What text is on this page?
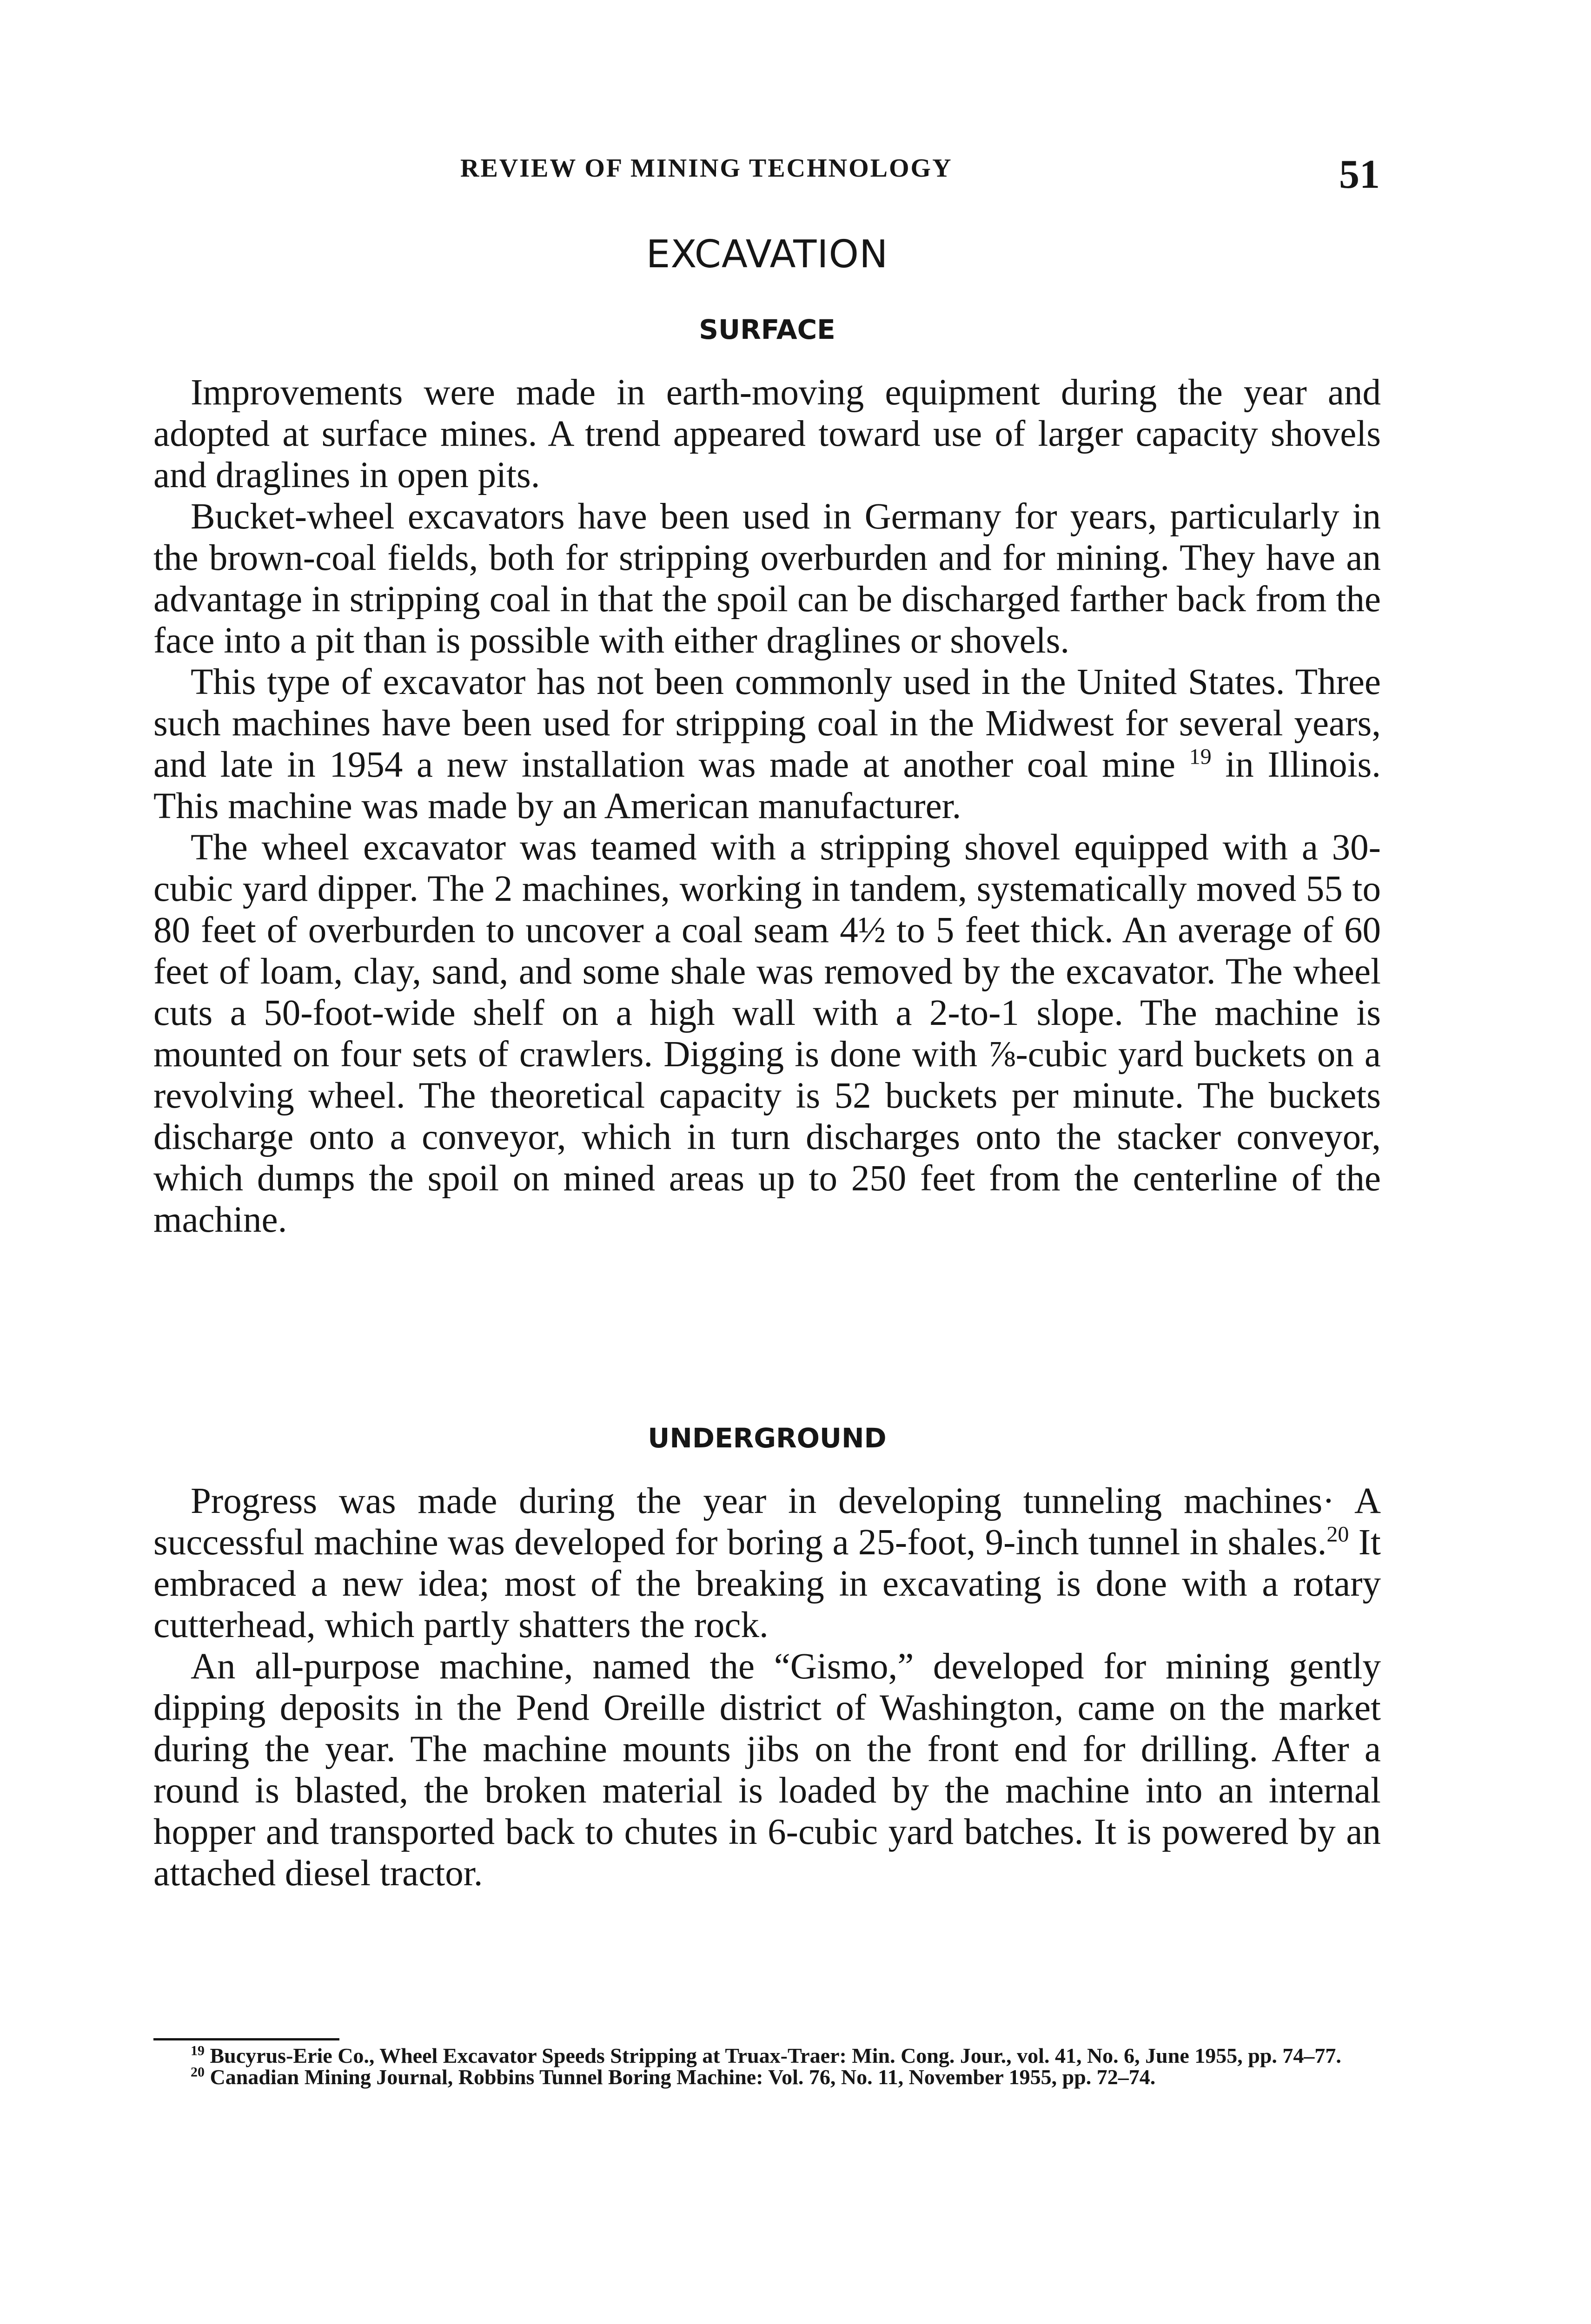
REVIEW OF MINING TECHNOLOGY	51
EXCAVATION
SURFACE

Improvements were made in earth-moving equipment during the year and adopted at surface mines. A trend appeared toward use of larger capacity shovels and draglines in open pits.

Bucket-wheel excavators have been used in Germany for years, particularly in the brown-coal fields, both for stripping overburden and for mining. They have an advantage in stripping coal in that the spoil can be discharged farther back from the face into a pit than is possible with either draglines or shovels.

This type of excavator has not been commonly used in the United States. Three such machines have been used for stripping coal in the Midwest for several years, and late in 1954 a new installation was made at another coal mine $^{19}$ in Illinois. This machine was made by an American manufacturer.

The wheel excavator was teamed with a stripping shovel equipped with a 30-cubic yard dipper. The 2 machines, working in tandem, systematically moved 55 to 80 feet of overburden to uncover a coal seam 4½ to 5 feet thick. An average of 60 feet of loam, clay, sand, and some shale was removed by the excavator. The wheel cuts a 50-foot-wide shelf on a high wall with a 2-to-1 slope. The machine is mounted on four sets of crawlers. Digging is done with ⅞-cubic yard buckets on a revolving wheel. The theoretical capacity is 52 buckets per minute. The buckets discharge onto a conveyor, which in turn discharges onto the stacker conveyor, which dumps the spoil on mined areas up to 250 feet from the centerline of the machine.

UNDERGROUND

Progress was made during the year in developing tunneling machines· A successful machine was developed for boring a 25-foot, 9-inch tunnel in shales.$^{20}$ It embraced a new idea; most of the breaking in excavating is done with a rotary cutterhead, which partly shatters the rock.

An all-purpose machine, named the “Gismo,” developed for mining gently dipping deposits in the Pend Oreille district of Washington, came on the market during the year. The machine mounts jibs on the front end for drilling. After a round is blasted, the broken material is loaded by the machine into an internal hopper and transported back to chutes in 6-cubic yard batches. It is powered by an attached diesel tractor.

$^{19}$ Bucyrus-Erie Co., Wheel Excavator Speeds Stripping at Truax-Traer: Min. Cong. Jour., vol. 41, No. 6, June 1955, pp. 74–77.

$^{20}$ Canadian Mining Journal, Robbins Tunnel Boring Machine: Vol. 76, No. 11, November 1955, pp. 72–74.
